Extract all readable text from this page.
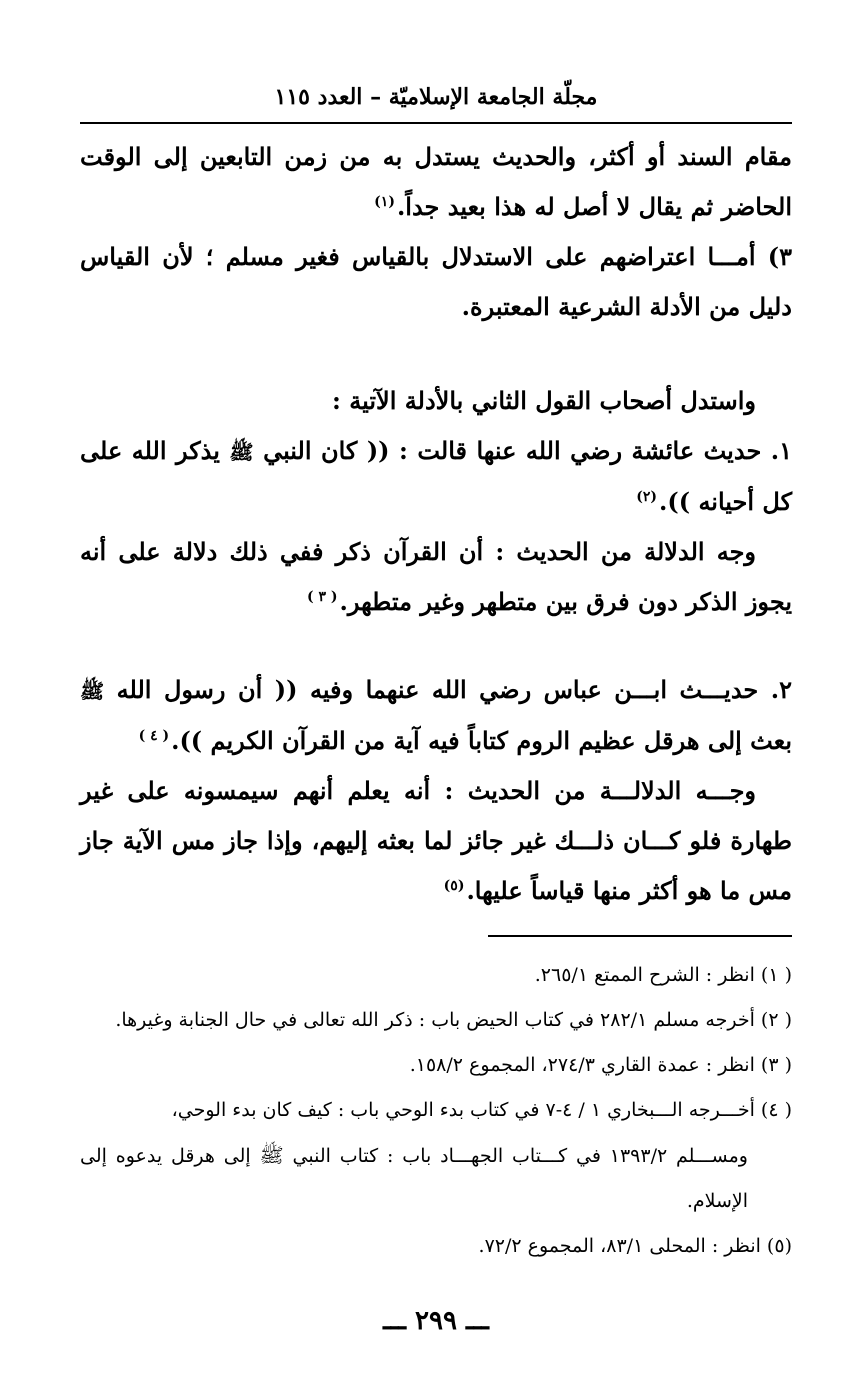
مجلّة الجامعة الإسلاميّة – العدد ١١٥

مقام السند أو أكثر، والحديث يستدل به من زمن التابعين إلى الوقت الحاضر ثم يقال لا أصل له هذا بعيد جداً.$^{(١)}$

٣) أمـــا اعتراضهم على الاستدلال بالقياس فغير مسلم ؛ لأن القياس دليل من الأدلة الشرعية المعتبرة.

واستدل أصحاب القول الثاني بالأدلة الآتية :

١. حديث عائشة رضي الله عنها قالت : (( كان النبي ﷺ يذكر الله على كل أحيانه )).$^{(٢)}$

وجه الدلالة من الحديث : أن القرآن ذكر ففي ذلك دلالة على أنه يجوز الذكر دون فرق بين متطهر وغير متطهر.$^{( ٣ )}$

٢. حديـــث ابـــن عباس رضي الله عنهما وفيه (( أن رسول الله ﷺ بعث إلى هرقل عظيم الروم كتاباً فيه آية من القرآن الكريم )).$^{( ٤ )}$

وجـــه الدلالـــة من الحديث : أنه يعلم أنهم سيمسونه على غير طهارة فلو كـــان ذلـــك غير جائز لما بعثه إليهم، وإذا جاز مس الآية جاز مس ما هو أكثر منها قياساً عليها.$^{(٥)}$

( ١) انظر : الشرح الممتع ٢٦٥/١.

( ٢) أخرجه مسلم ٢٨٢/١ في كتاب الحيض باب : ذكر الله تعالى في حال الجنابة وغيرها.

( ٣) انظر : عمدة القاري ٢٧٤/٣، المجموع ١٥٨/٢.

( ٤) أخـــرجه الـــبخاري ١ / ٤-٧ في كتاب بدء الوحي باب : كيف كان بدء الوحي،

ومســـلم ١٣٩٣/٢ في كـــتاب الجهـــاد باب : كتاب النبي ﷺ إلى هرقل يدعوه إلى الإسلام.

(٥) انظر : المحلى ٨٣/١، المجموع ٧٢/٢.

ـــ ٢٩٩ ـــ
